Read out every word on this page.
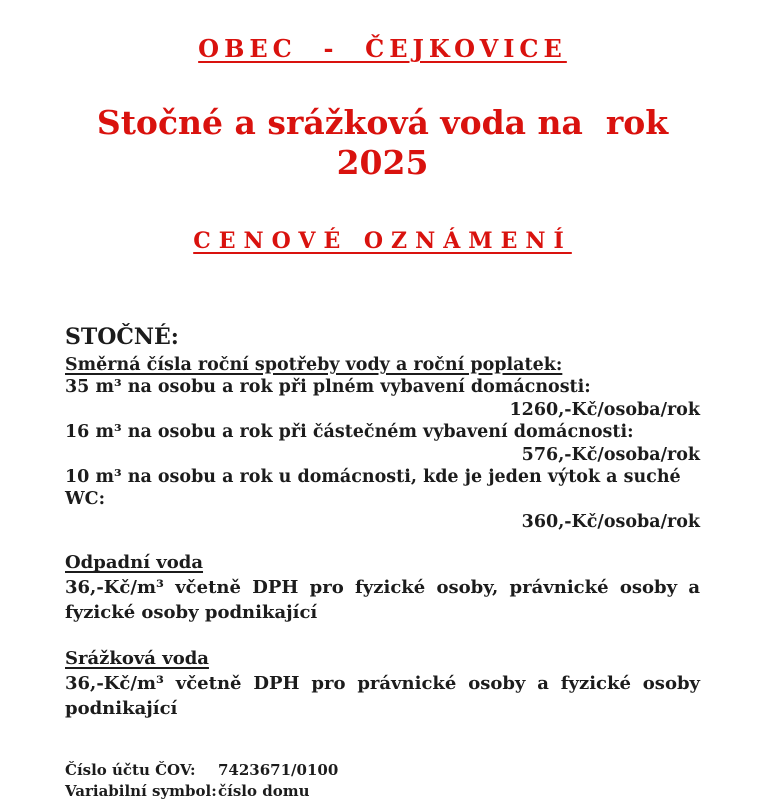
OBEC  -  ČEJKOVICE
Stočné a srážková voda na  rok  2025
CENOVÉ OZNÁMENÍ
STOČNÉ:
Směrná čísla roční spotřeby vody a roční poplatek:
35 m³ na osobu a rok při plném vybavení domácnosti:
1260,-Kč/osoba/rok
16 m³ na osobu a rok při částečném vybavení domácnosti:
576,-Kč/osoba/rok
10 m³ na osobu a rok u domácnosti, kde je jeden výtok a suché WC:
360,-Kč/osoba/rok
Odpadní voda
36,-Kč/m³ včetně DPH pro fyzické osoby, právnické osoby a
fyzické osoby podnikající
Srážková voda
36,-Kč/m³ včetně DPH pro právnické osoby a fyzické osoby
podnikající
Číslo účtu ČOV:	7423671/0100
Variabilní symbol: číslo domu
